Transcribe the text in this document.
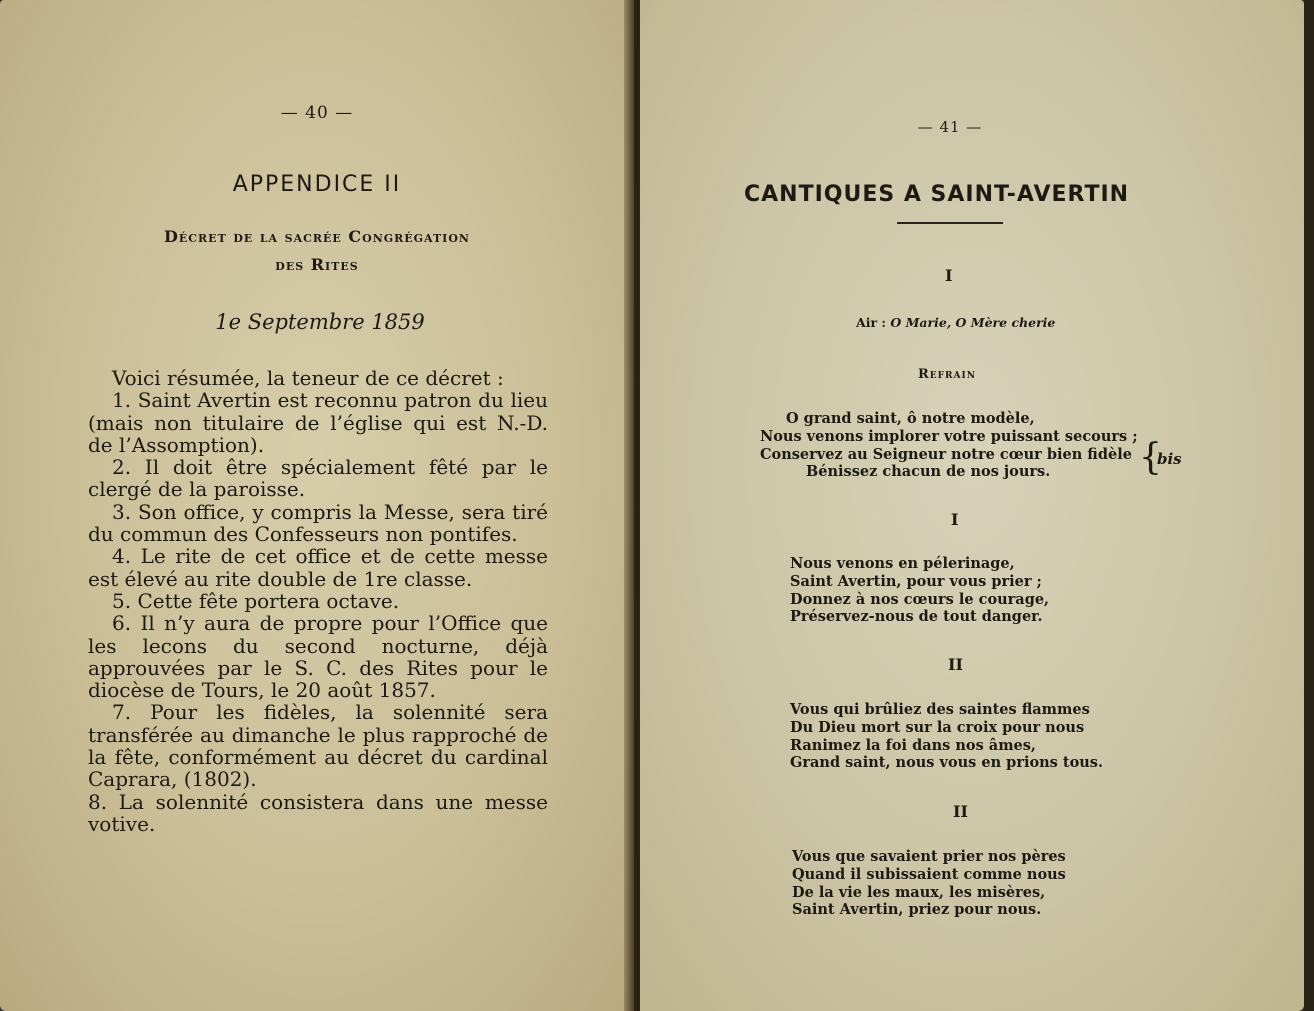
— 40 —
APPENDICE II
Décret de la sacrée Congrégation
des Rites
1e Septembre 1859

Voici résumée, la teneur de ce décret :

1. Saint Avertin est reconnu patron du lieu (mais non titulaire de l’église qui est N.-D. de l’Assomption).

2. Il doit être spécialement fêté par le clergé de la paroisse.

3. Son office, y compris la Messe, sera tiré du commun des Confesseurs non pontifes.

4. Le rite de cet office et de cette messe est élevé au rite double de 1re classe.

5. Cette fête portera octave.

6. Il n’y aura de propre pour l’Office que les lecons du second nocturne, déjà approuvées par le S. C. des Rites pour le diocèse de Tours, le 20 août 1857.

7. Pour les fidèles, la solennité sera transférée au dimanche le plus rapproché de la fête, conformément au décret du cardinal Caprara, (1802).

8. La solennité consistera dans une messe votive.

— 41 —
CANTIQUES A SAINT-AVERTIN
I
Air : O Marie, O Mère cherie
Refrain
O grand saint, ô notre modèle,
Nous venons implorer votre puissant secours ;
Conservez au Seigneur notre cœur bien fidèle
Bénissez chacun de nos jours.	{
bis
I
Nous venons en pélerinage,
Saint Avertin, pour vous prier ;
Donnez à nos cœurs le courage,
Préservez-nous de tout danger.
II
Vous qui brûliez des saintes flammes
Du Dieu mort sur la croix pour nous
Ranimez la foi dans nos âmes,
Grand saint, nous vous en prions tous.
II
Vous que savaient prier nos pères
Quand il subissaient comme nous
De la vie les maux, les misères,
Saint Avertin, priez pour nous.
